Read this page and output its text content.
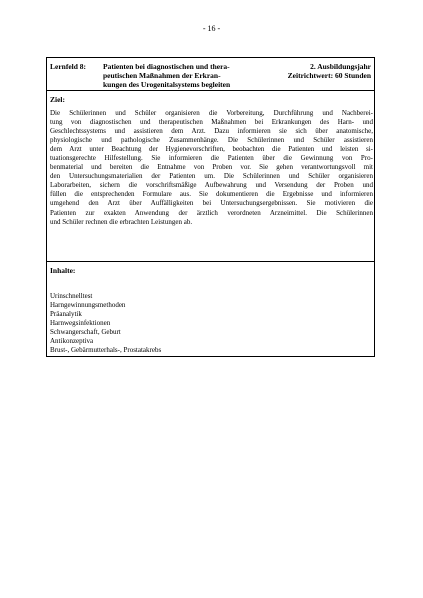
- 16 -
Lernfeld 8: Patienten bei diagnostischen und thera-
peutischen Maßnahmen der Erkran-
kungen des Urogenitalsystems begleiten
2. Ausbildungsjahr
Zeitrichtwert: 60 Stunden
Ziel:
Die Schülerinnen und Schüler organisieren die Vorbereitung, Durchführung und Nachberei-
tung von diagnostischen und therapeutischen Maßnahmen bei Erkrankungen des Harn- und
Geschlechtssystems und assistieren dem Arzt. Dazu informieren sie sich über anatomische,
physiologische und pathologische Zusammenhänge. Die Schülerinnen und Schüler assistieren
dem Arzt unter Beachtung der Hygienevorschriften, beobachten die Patienten und leisten si-
tuationsgerechte Hilfestellung. Sie informieren die Patienten über die Gewinnung von Pro-
benmaterial und bereiten die Entnahme von Proben vor. Sie gehen verantwortungsvoll mit
den Untersuchungsmaterialien der Patienten um. Die Schülerinnen und Schüler organisieren
Laborarbeiten, sichern die vorschriftsmäßige Aufbewahrung und Versendung der Proben und
füllen die entsprechenden Formulare aus. Sie dokumentieren die Ergebnisse und informieren
umgehend den Arzt über Auffälligkeiten bei Untersuchungsergebnissen. Sie motivieren die
Patienten zur exakten Anwendung der ärztlich verordneten Arzneimittel. Die Schülerinnen
und Schüler rechnen die erbrachten Leistungen ab.
Inhalte:
Urinschnelltest
Harngewinnungsmethoden
Präanalytik
Harnwegsinfektionen
Schwangerschaft, Geburt
Antikonzeptiva
Brust-, Gebärmutterhals-, Prostatakrebs
